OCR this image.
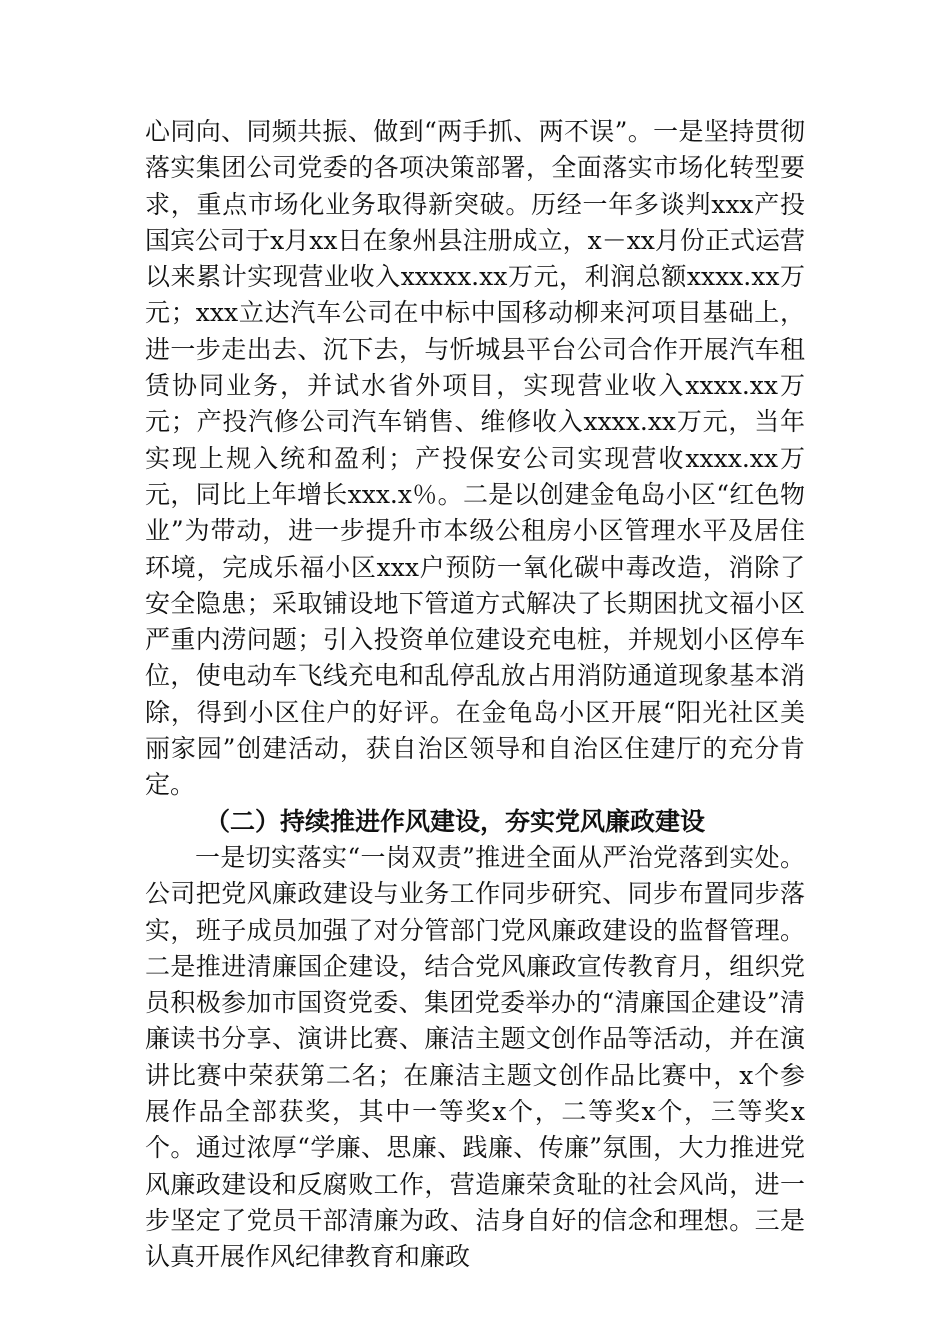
心同向、同频共振、做到“两手抓、两不误”。一是坚持贯彻落实集团公司党委的各项决策部署，全面落实市场化转型要求，重点市场化业务取得新突破。历经一年多谈判xxx产投国宾公司于x月xx日在象州县注册成立，x－xx月份正式运营以来累计实现营业收入xxxxx.xx万元，利润总额xxxx.xx万元；xxx立达汽车公司在中标中国移动柳来河项目基础上，进一步走出去、沉下去，与忻城县平台公司合作开展汽车租赁协同业务，并试水省外项目，实现营业收入xxxx.xx万元；产投汽修公司汽车销售、维修收入xxxx.xx万元，当年实现上规入统和盈利；产投保安公司实现营收xxxx.xx万元，同比上年增长xxx.x％。二是以创建金龟岛小区“红色物业”为带动，进一步提升市本级公租房小区管理水平及居住环境，完成乐福小区xxx户预防一氧化碳中毒改造，消除了安全隐患；采取铺设地下管道方式解决了长期困扰文福小区严重内涝问题；引入投资单位建设充电桩，并规划小区停车位，使电动车飞线充电和乱停乱放占用消防通道现象基本消除，得到小区住户的好评。在金龟岛小区开展“阳光社区美丽家园”创建活动，获自治区领导和自治区住建厅的充分肯定。

（二）持续推进作风建设，夯实党风廉政建设

一是切实落实“一岗双责”推进全面从严治党落到实处。公司把党风廉政建设与业务工作同步研究、同步布置同步落实，班子成员加强了对分管部门党风廉政建设的监督管理。二是推进清廉国企建设，结合党风廉政宣传教育月，组织党员积极参加市国资党委、集团党委举办的“清廉国企建设”清廉读书分享、演讲比赛、廉洁主题文创作品等活动，并在演讲比赛中荣获第二名；在廉洁主题文创作品比赛中，x个参展作品全部获奖，其中一等奖x个，二等奖x个，三等奖x个。通过浓厚“学廉、思廉、践廉、传廉”氛围，大力推进党风廉政建设和反腐败工作，营造廉荣贪耻的社会风尚，进一步坚定了党员干部清廉为政、洁身自好的信念和理想。三是认真开展作风纪律教育和廉政
